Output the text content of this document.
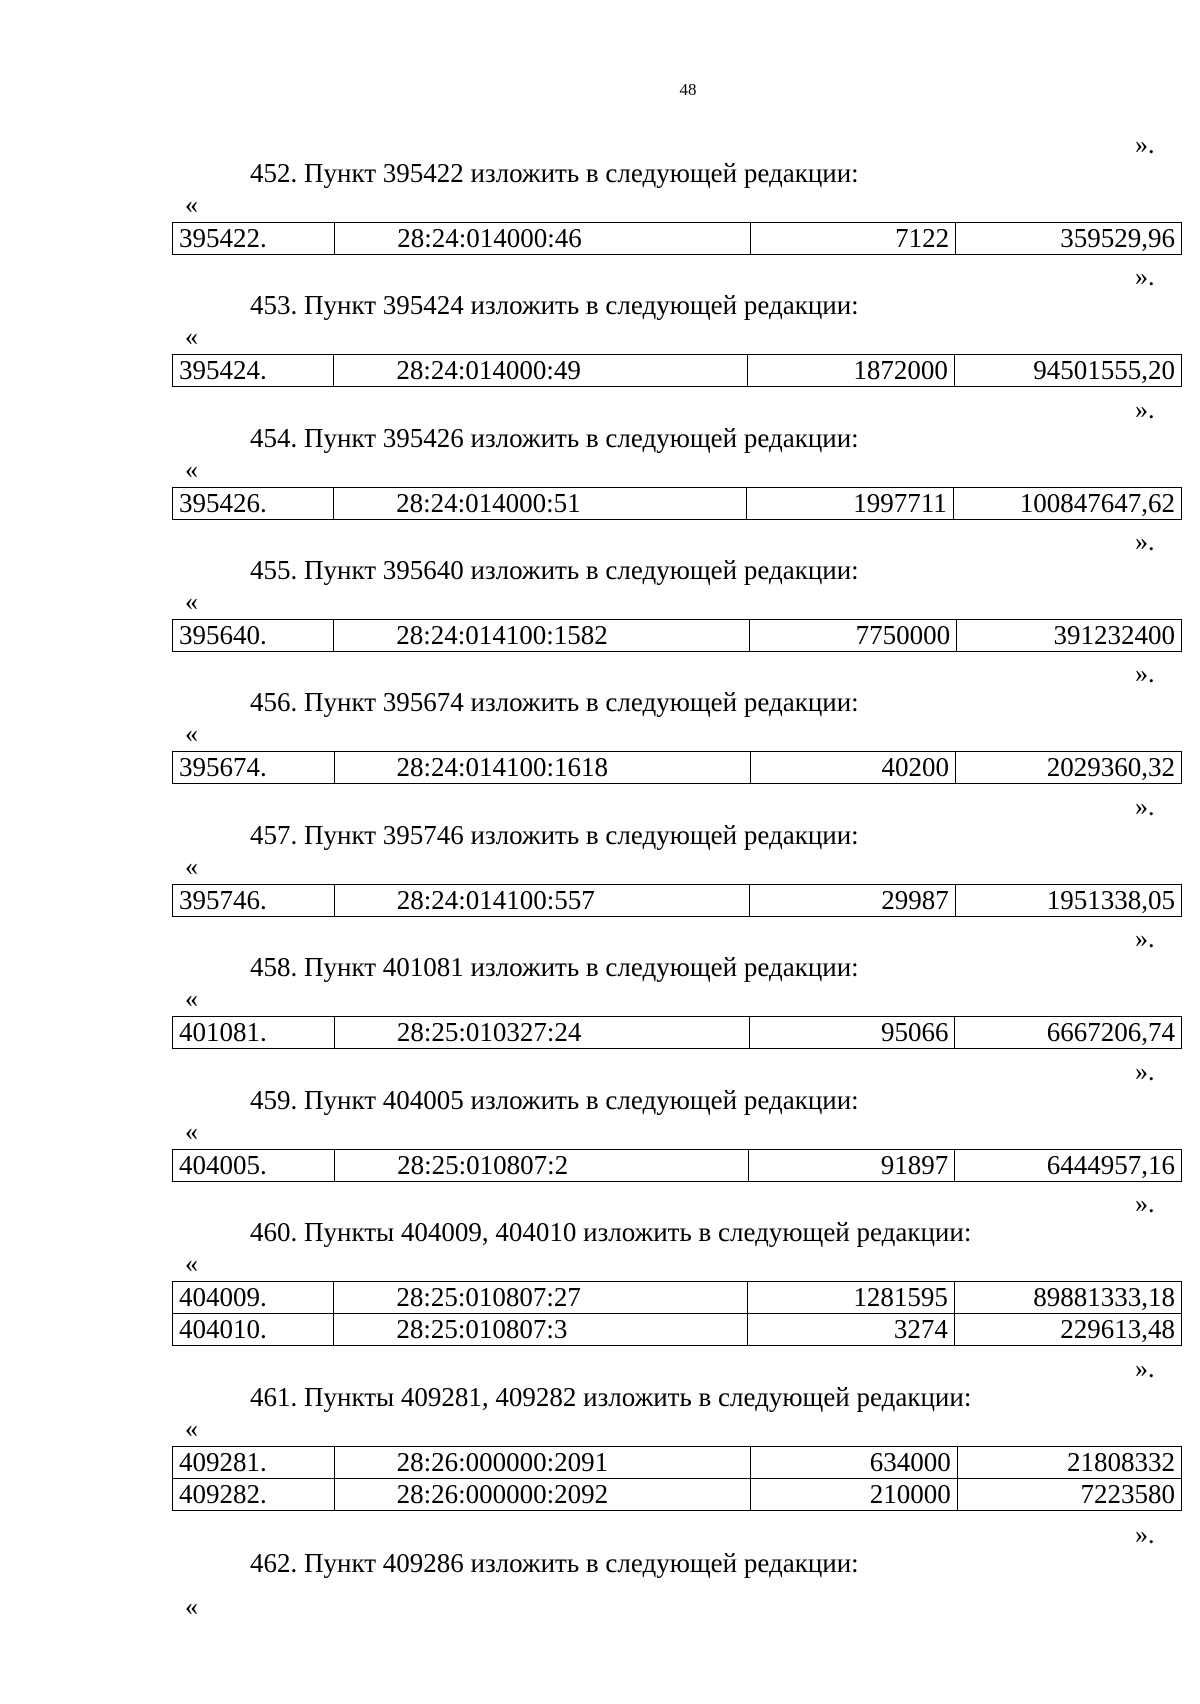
48
».
452. Пункт 395422 изложить в следующей редакции:
«
395422.	28:24:014000:46	7122	359529,96
».
453. Пункт 395424 изложить в следующей редакции:
«
395424.	28:24:014000:49	1872000	94501555,20
».
454. Пункт 395426 изложить в следующей редакции:
«
395426.	28:24:014000:51	1997711	100847647,62
».
455. Пункт 395640 изложить в следующей редакции:
«
395640.	28:24:014100:1582	7750000	391232400
».
456. Пункт 395674 изложить в следующей редакции:
«
395674.	28:24:014100:1618	40200	2029360,32
».
457. Пункт 395746 изложить в следующей редакции:
«
395746.	28:24:014100:557	29987	1951338,05
».
458. Пункт 401081 изложить в следующей редакции:
«
401081.	28:25:010327:24	95066	6667206,74
».
459. Пункт 404005 изложить в следующей редакции:
«
404005.	28:25:010807:2	91897	6444957,16
».
460. Пункты 404009, 404010 изложить в следующей редакции:
«
404009.	28:25:010807:27	1281595	89881333,18
404010.	28:25:010807:3	3274	229613,48
».
461. Пункты 409281, 409282 изложить в следующей редакции:
«
409281.	28:26:000000:2091	634000	21808332
409282.	28:26:000000:2092	210000	7223580
».
462. Пункт 409286 изложить в следующей редакции:
«
